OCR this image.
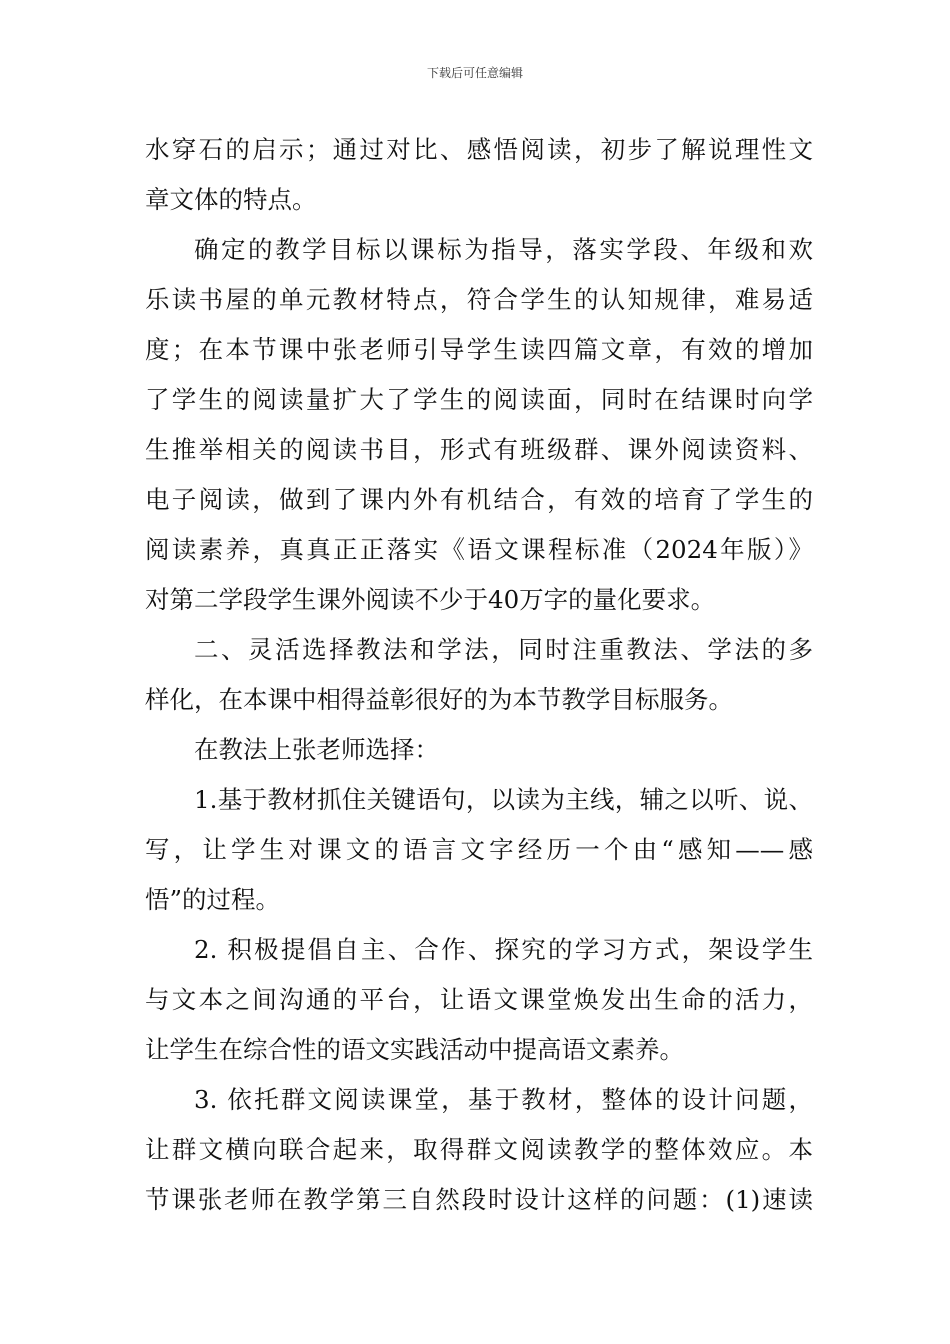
下载后可任意编辑
水穿石的启示；通过对比、感悟阅读，初步了解说理性文
章文体的特点。
确定的教学目标以课标为指导，落实学段、年级和欢
乐读书屋的单元教材特点，符合学生的认知规律，难易适
度；在本节课中张老师引导学生读四篇文章，有效的增加
了学生的阅读量扩大了学生的阅读面，同时在结课时向学
生推举相关的阅读书目，形式有班级群、课外阅读资料、
电子阅读，做到了课内外有机结合，有效的培育了学生的
阅读素养，真真正正落实《语文课程标准（2024年版）》
对第二学段学生课外阅读不少于40万字的量化要求。
二、灵活选择教法和学法，同时注重教法、学法的多
样化，在本课中相得益彰很好的为本节教学目标服务。
在教法上张老师选择：
1.基于教材抓住关键语句，以读为主线，辅之以听、说、
写，让学生对课文的语言文字经历一个由“感知——感
悟”的过程。
2. 积极提倡自主、合作、探究的学习方式，架设学生
与文本之间沟通的平台，让语文课堂焕发出生命的活力，
让学生在综合性的语文实践活动中提高语文素养。
3. 依托群文阅读课堂，基于教材，整体的设计问题，
让群文横向联合起来，取得群文阅读教学的整体效应。本
节课张老师在教学第三自然段时设计这样的问题：(1)速读
